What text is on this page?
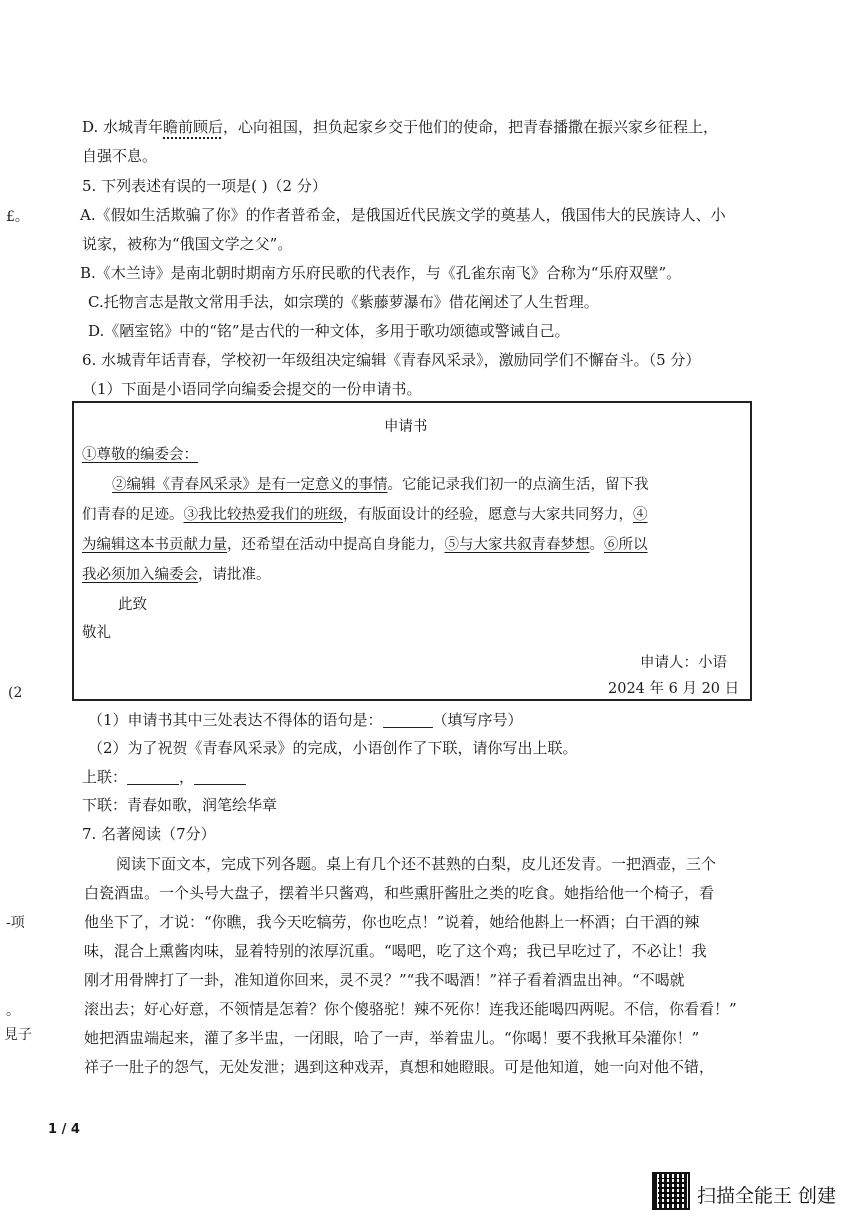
£。
(2
-项
。
見子
D. 水城青年瞻前顾后，心向祖国，担负起家乡交于他们的使命，把青春播撒在振兴家乡征程上，
自强不息。
5. 下列表述有误的一项是( )（2 分）
A.《假如生活欺骗了你》的作者普希金，是俄国近代民族文学的奠基人，俄国伟大的民族诗人、小
说家，被称为“俄国文学之父”。
B.《木兰诗》是南北朝时期南方乐府民歌的代表作，与《孔雀东南飞》合称为“乐府双壁”。
C.托物言志是散文常用手法，如宗璞的《紫藤萝瀑布》借花阐述了人生哲理。
D.《陋室铭》中的“铭”是古代的一种文体，多用于歌功颂德或警诫自己。
6. 水城青年话青春，学校初一年级组决定编辑《青春风采录》，激励同学们不懈奋斗。（5 分）
（1）下面是小语同学向编委会提交的一份申请书。
申请书
①尊敬的编委会：
②编辑《青春风采录》是有一定意义的事情。它能记录我们初一的点滴生活，留下我
们青春的足迹。③我比较热爱我们的班级，有版面设计的经验，愿意与大家共同努力，④
为编辑这本书贡献力量，还希望在活动中提高自身能力，⑤与大家共叙青春梦想。⑥所以
我必须加入编委会，请批准。
此致
敬礼
申请人：小语
2024 年 6 月 20 日
（1）申请书其中三处表达不得体的语句是：	（填写序号）
（2）为了祝贺《青春风采录》的完成，小语创作了下联，请你写出上联。
上联：	，
下联：青春如歌，润笔绘华章
7. 名著阅读（7分）
阅读下面文本，完成下列各题。桌上有几个还不甚熟的白梨，皮儿还发青。一把酒壶，三个
白瓷酒盅。一个头号大盘子，摆着半只酱鸡，和些熏肝酱肚之类的吃食。她指给他一个椅子，看
他坐下了，才说：“你瞧，我今天吃犒劳，你也吃点！”说着，她给他斟上一杯酒；白干酒的辣
味，混合上熏酱肉味，显着特别的浓厚沉重。“喝吧，吃了这个鸡；我已早吃过了，不必让！我
刚才用骨牌打了一卦，准知道你回来，灵不灵？”“我不喝酒！”祥子看着酒盅出神。“不喝就
滚出去；好心好意，不领情是怎着？你个傻骆驼！辣不死你！连我还能喝四两呢。不信，你看看！”
她把酒盅端起来，灌了多半盅，一闭眼，哈了一声，举着盅儿。“你喝！要不我揪耳朵灌你！”
祥子一肚子的怨气，无处发泄；遇到这种戏弄，真想和她瞪眼。可是他知道，她一向对他不错，
1 / 4
扫描全能王 创建
